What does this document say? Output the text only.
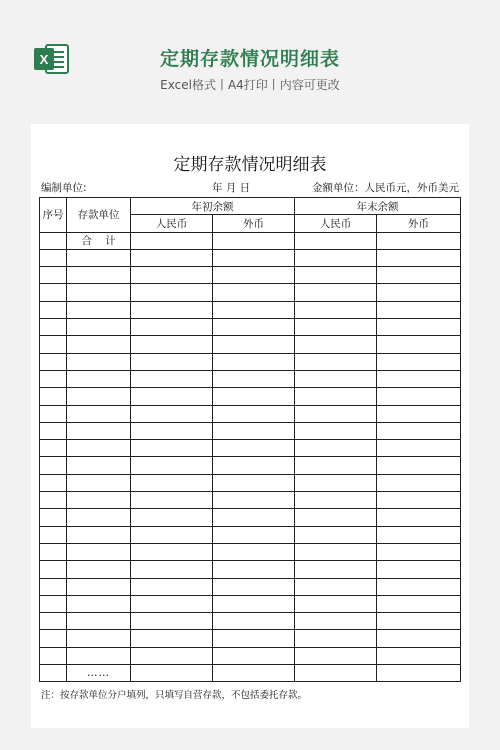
X	定期存款情况明细表
Excel格式丨A4打印丨内容可更改
定期存款情况明细表
编制单位:	年 月 日	金额单位：人民币元，外币美元
序号	存款单位	年初余额		年末余额	
		人民币	外币	人民币	外币
	合    计				

	……				
注：按存款单位分户填列，只填写自营存款，不包括委托存款。
